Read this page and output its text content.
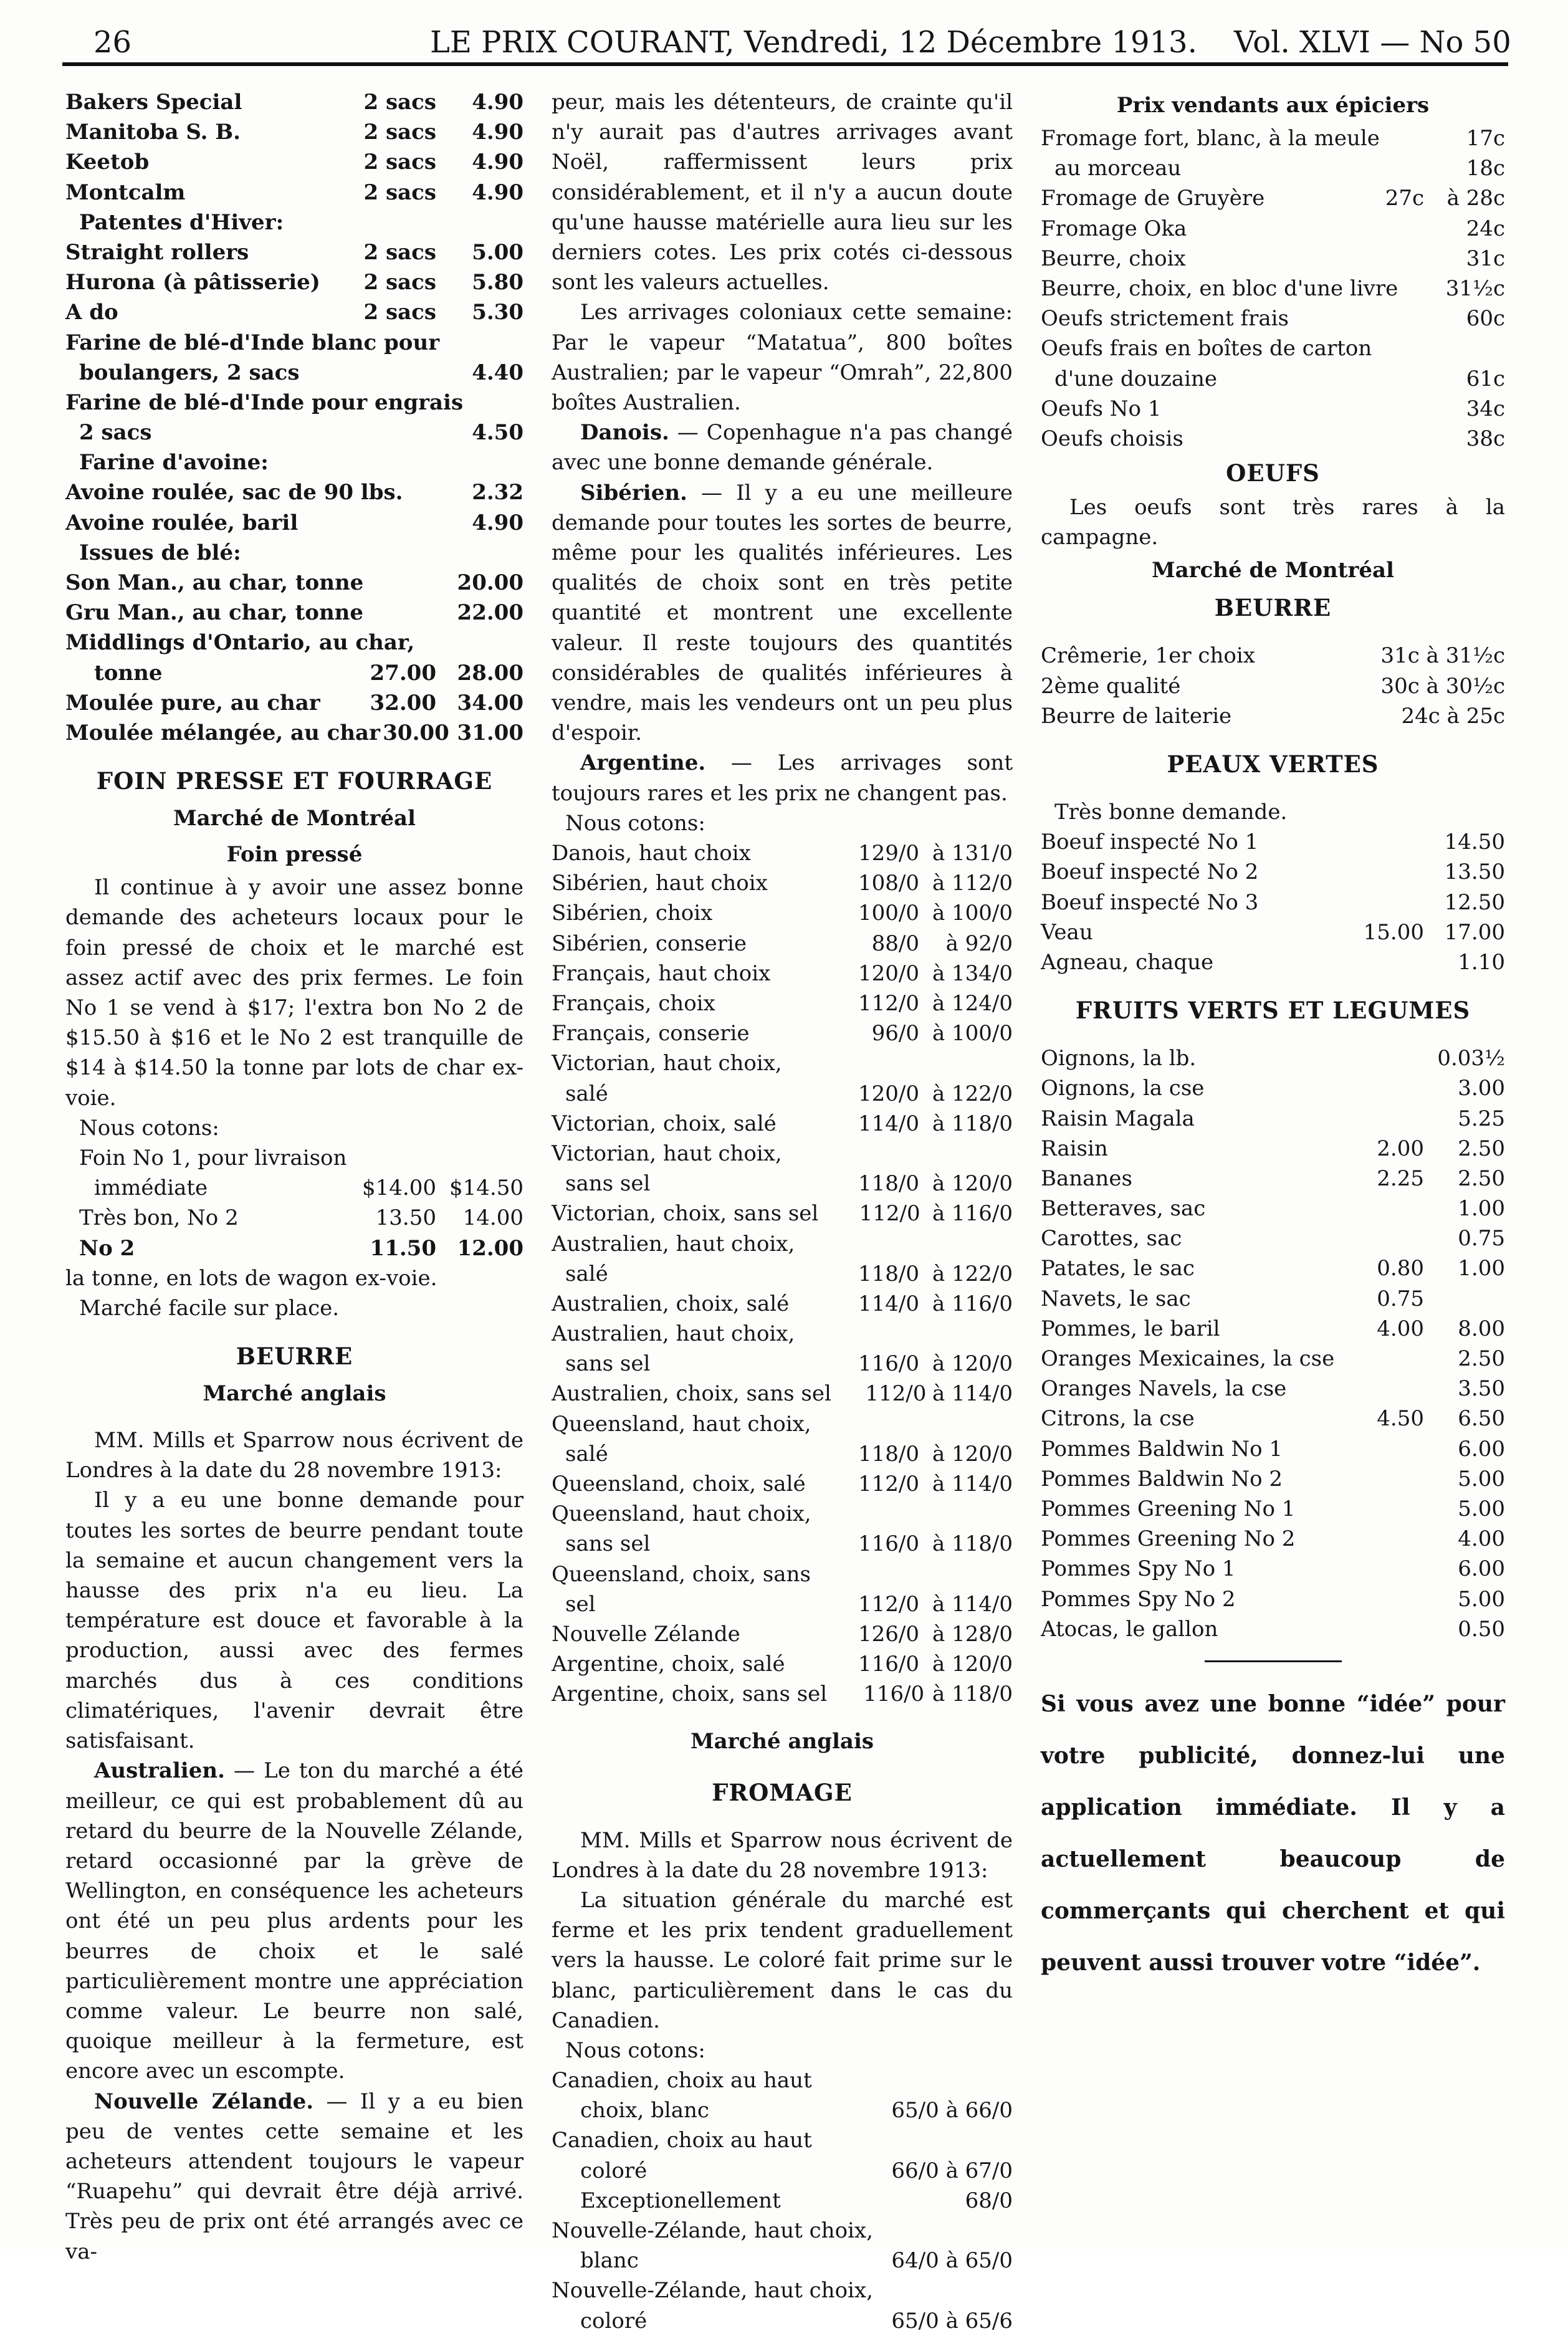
26	LE PRIX COURANT, Vendredi, 12 Décembre 1913. Vol. XLVI — No 50
Bakers Special	2 sacs	4.90
Manitoba S. B.	2 sacs	4.90
Keetob	2 sacs	4.90
Montcalm	2 sacs	4.90
Patentes d'Hiver:
Straight rollers	2 sacs	5.00
Hurona (à pâtisserie)	2 sacs	5.80
A do	2 sacs	5.30
Farine de blé-d'Inde blanc pour
boulangers, 2 sacs	4.40
Farine de blé-d'Inde pour engrais
2 sacs	4.50
Farine d'avoine:
Avoine roulée, sac de 90 lbs.	2.32
Avoine roulée, baril	4.90
Issues de blé:
Son Man., au char, tonne	20.00
Gru Man., au char, tonne	22.00
Middlings d'Ontario, au char,
tonne	27.00 28.00
Moulée pure, au char	32.00 34.00
Moulée mélangée, au char 30.00 31.00
FOIN PRESSE ET FOURRAGE
Marché de Montréal
Foin pressé

Il continue à y avoir une assez bonne demande des acheteurs locaux pour le foin pressé de choix et le marché est assez actif avec des prix fermes. Le foin No 1 se vend à $17; l'extra bon No 2 de $15.50 à $16 et le No 2 est tranquille de $14 à $14.50 la tonne par lots de char ex-voie.

Nous cotons:
Foin No 1, pour livraison
immédiate	$14.00 $14.50
Très bon, No 2	13.50	14.00
No 2	11.50 12.00
la tonne, en lots de wagon ex-voie.
Marché facile sur place.
BEURRE
Marché anglais

MM. Mills et Sparrow nous écrivent de Londres à la date du 28 novembre 1913:

Il y a eu une bonne demande pour toutes les sortes de beurre pendant toute la semaine et aucun changement vers la hausse des prix n'a eu lieu. La température est douce et favorable à la production, aussi avec des fermes marchés dus à ces conditions climatériques, l'avenir devrait être satisfaisant.

Australien. — Le ton du marché a été meilleur, ce qui est probablement dû au retard du beurre de la Nouvelle Zélande, retard occasionné par la grève de Wellington, en conséquence les acheteurs ont été un peu plus ardents pour les beurres de choix et le salé particulièrement montre une appréciation comme valeur. Le beurre non salé, quoique meilleur à la fermeture, est encore avec un escompte.

Nouvelle Zélande. — Il y a eu bien peu de ventes cette semaine et les acheteurs attendent toujours le vapeur “Ruapehu” qui devrait être déjà arrivé. Très peu de prix ont été arrangés avec ce va-

peur, mais les détenteurs, de crainte qu'il n'y aurait pas d'autres arrivages avant Noël, raffermissent leurs prix considérablement, et il n'y a aucun doute qu'une hausse matérielle aura lieu sur les derniers cotes. Les prix cotés ci-dessous sont les valeurs actuelles.

Les arrivages coloniaux cette semaine: Par le vapeur “Matatua”, 800 boîtes Australien; par le vapeur “Omrah”, 22,800 boîtes Australien.

Danois. — Copenhague n'a pas changé avec une bonne demande générale.

Sibérien. — Il y a eu une meilleure demande pour toutes les sortes de beurre, même pour les qualités inférieures. Les qualités de choix sont en très petite quantité et montrent une excellente valeur. Il reste toujours des quantités considérables de qualités inférieures à vendre, mais les vendeurs ont un peu plus d'espoir.

Argentine. — Les arrivages sont toujours rares et les prix ne changent pas.

Nous cotons:
Danois, haut choix	129/0 à 131/0
Sibérien, haut choix	108/0 à 112/0
Sibérien, choix	100/0 à 100/0
Sibérien, conserie	88/0	à 92/0
Français, haut choix	120/0 à 134/0
Français, choix	112/0 à 124/0
Français, conserie	96/0 à 100/0
Victorian, haut choix,
salé	120/0 à 122/0
Victorian, choix, salé	114/0 à 118/0
Victorian, haut choix,
sans sel	118/0 à 120/0
Victorian, choix, sans sel	112/0 à 116/0
Australien, haut choix,
salé	118/0 à 122/0
Australien, choix, salé	114/0 à 116/0
Australien, haut choix,
sans sel	116/0 à 120/0
Australien, choix, sans sel	112/0 à 114/0
Queensland, haut choix,
salé	118/0 à 120/0
Queensland, choix, salé	112/0 à 114/0
Queensland, haut choix,
sans sel	116/0 à 118/0
Queensland, choix, sans
sel	112/0 à 114/0
Nouvelle Zélande	126/0 à 128/0
Argentine, choix, salé	116/0 à 120/0
Argentine, choix, sans sel	116/0 à 118/0
Marché anglais
FROMAGE

MM. Mills et Sparrow nous écrivent de Londres à la date du 28 novembre 1913:

La situation générale du marché est ferme et les prix tendent graduellement vers la hausse. Le coloré fait prime sur le blanc, particulièrement dans le cas du Canadien.

Nous cotons:
Canadien, choix au haut
choix, blanc	65/0 à 66/0
Canadien, choix au haut
coloré	66/0 à 67/0
Exceptionellement	68/0
Nouvelle-Zélande, haut choix,
blanc	64/0 à 65/0
Nouvelle-Zélande, haut choix,
coloré	65/0 à 65/6
Prix vendants aux épiciers
Fromage fort, blanc, à la meule	17c
au morceau	18c
Fromage de Gruyère	27c	à 28c
Fromage Oka	24c
Beurre, choix	31c
Beurre, choix, en bloc d'une livre	31½c
Oeufs strictement frais	60c
Oeufs frais en boîtes de carton
d'une douzaine	61c
Oeufs No 1	34c
Oeufs choisis	38c
OEUFS

Les oeufs sont très rares à la campagne.

Marché de Montréal
BEURRE
Crêmerie, 1er choix	31c à 31½c
2ème qualité	30c à 30½c
Beurre de laiterie	24c à 25c
PEAUX VERTES
Très bonne demande.
Boeuf inspecté No 1	14.50
Boeuf inspecté No 2	13.50
Boeuf inspecté No 3	12.50
Veau	15.00 17.00
Agneau, chaque	1.10
FRUITS VERTS ET LEGUMES
Oignons, la lb.	0.03½
Oignons, la cse	3.00
Raisin Magala	5.25
Raisin	2.00	2.50
Bananes	2.25	2.50
Betteraves, sac	1.00
Carottes, sac	0.75
Patates, le sac	0.80	1.00
Navets, le sac	0.75
Pommes, le baril	4.00	8.00
Oranges Mexicaines, la cse	2.50
Oranges Navels, la cse	3.50
Citrons, la cse	4.50	6.50
Pommes Baldwin No 1	6.00
Pommes Baldwin No 2	5.00
Pommes Greening No 1	5.00
Pommes Greening No 2	4.00
Pommes Spy No 1	6.00
Pommes Spy No 2	5.00
Atocas, le gallon	0.50
Si vous avez une bonne “idée” pour votre publicité, donnez-lui une application immédiate. Il y a actuellement beaucoup de commerçants qui cherchent et qui peuvent aussi trouver votre “idée”.
